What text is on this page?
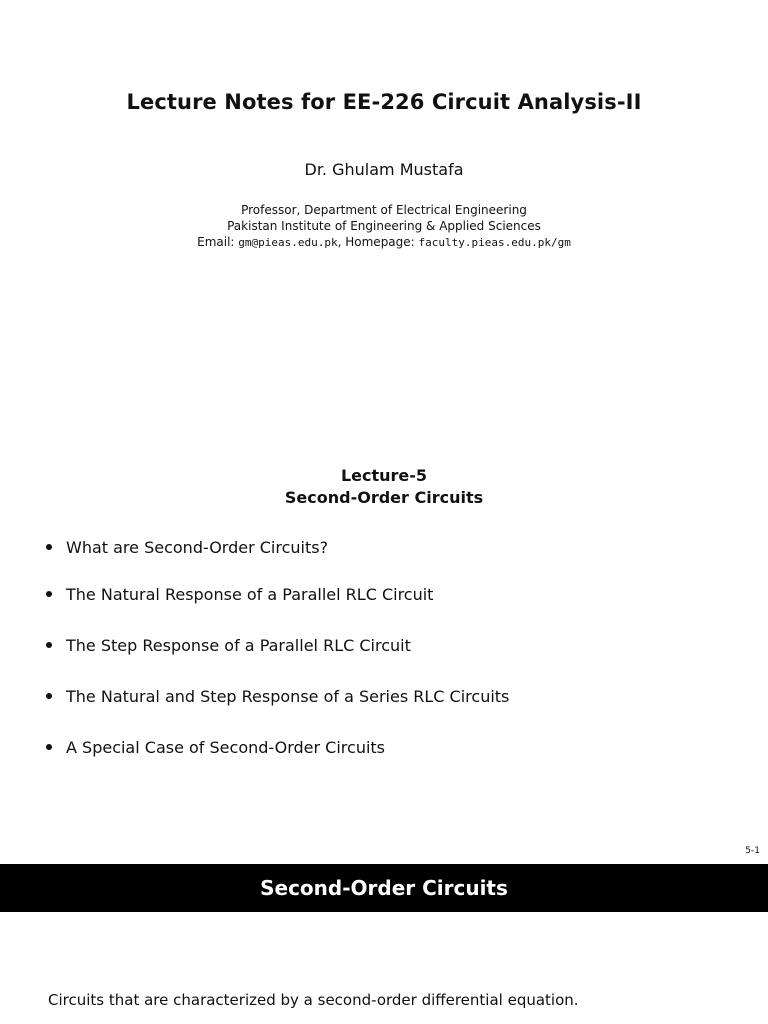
Lecture Notes for EE-226 Circuit Analysis-II
Dr. Ghulam Mustafa
Professor, Department of Electrical Engineering
Pakistan Institute of Engineering & Applied Sciences
Email: gm@pieas.edu.pk, Homepage: faculty.pieas.edu.pk/gm
Lecture-5
Second-Order Circuits
What are Second-Order Circuits?
The Natural Response of a Parallel RLC Circuit
The Step Response of a Parallel RLC Circuit
The Natural and Step Response of a Series RLC Circuits
A Special Case of Second-Order Circuits
5-1
Second-Order Circuits
Circuits that are characterized by a second-order differential equation.
